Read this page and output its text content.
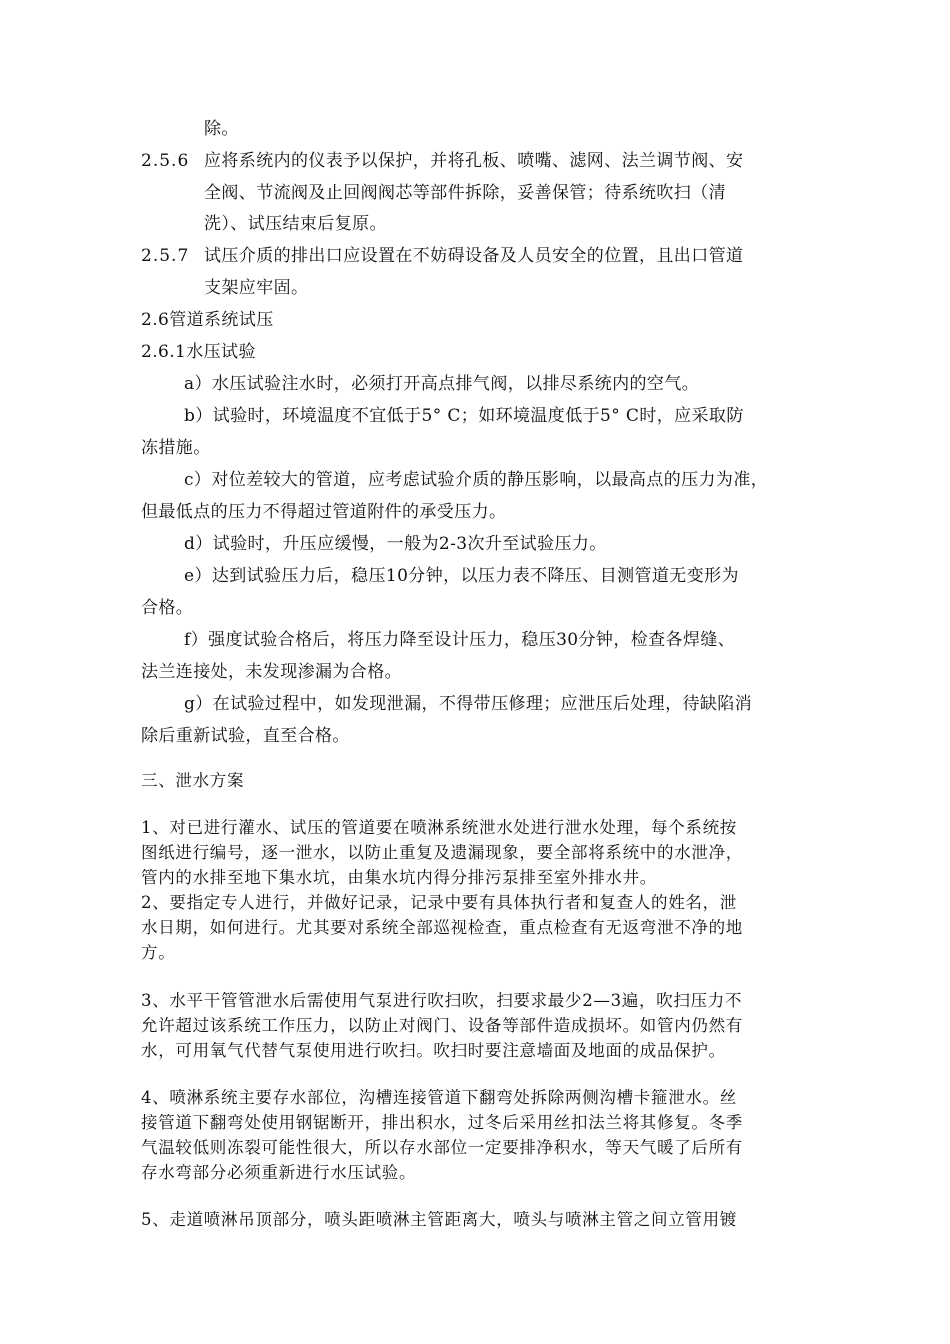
除。
2.5.6 应将系统内的仪表予以保护，并将孔板、喷嘴、滤网、法兰调节阀、安
全阀、节流阀及止回阀阀芯等部件拆除，妥善保管；待系统吹扫（清
洗）、试压结束后复原。
2.5.7 试压介质的排出口应设置在不妨碍设备及人员安全的位置，且出口管道
支架应牢固。
2.6管道系统试压
2.6.1水压试验
a）水压试验注水时，必须打开高点排气阀，以排尽系统内的空气。
b）试验时，环境温度不宜低于5° C；如环境温度低于5° C时，应采取防
冻措施。
c）对位差较大的管道，应考虑试验介质的静压影响，以最高点的压力为准，
但最低点的压力不得超过管道附件的承受压力。
d）试验时，升压应缓慢，一般为2-3次升至试验压力。
e）达到试验压力后，稳压10分钟，以压力表不降压、目测管道无变形为
合格。
f）强度试验合格后，将压力降至设计压力，稳压30分钟，检查各焊缝、
法兰连接处，未发现渗漏为合格。
g）在试验过程中，如发现泄漏，不得带压修理；应泄压后处理，待缺陷消
除后重新试验，直至合格。
三、泄水方案
1、对已进行灌水、试压的管道要在喷淋系统泄水处进行泄水处理，每个系统按
图纸进行编号，逐一泄水，以防止重复及遗漏现象，要全部将系统中的水泄净，
管内的水排至地下集水坑，由集水坑内得分排污泵排至室外排水井。
2、要指定专人进行，并做好记录，记录中要有具体执行者和复查人的姓名，泄
水日期，如何进行。尤其要对系统全部巡视检查，重点检查有无返弯泄不净的地
方。
3、水平干管管泄水后需使用气泵进行吹扫吹，扫要求最少2—3遍，吹扫压力不
允许超过该系统工作压力，以防止对阀门、设备等部件造成损坏。如管内仍然有
水，可用氧气代替气泵使用进行吹扫。吹扫时要注意墙面及地面的成品保护。
4、喷淋系统主要存水部位，沟槽连接管道下翻弯处拆除两侧沟槽卡箍泄水。丝
接管道下翻弯处使用钢锯断开，排出积水，过冬后采用丝扣法兰将其修复。冬季
气温较低则冻裂可能性很大，所以存水部位一定要排净积水，等天气暖了后所有
存水弯部分必须重新进行水压试验。
5、走道喷淋吊顶部分，喷头距喷淋主管距离大，喷头与喷淋主管之间立管用镀
